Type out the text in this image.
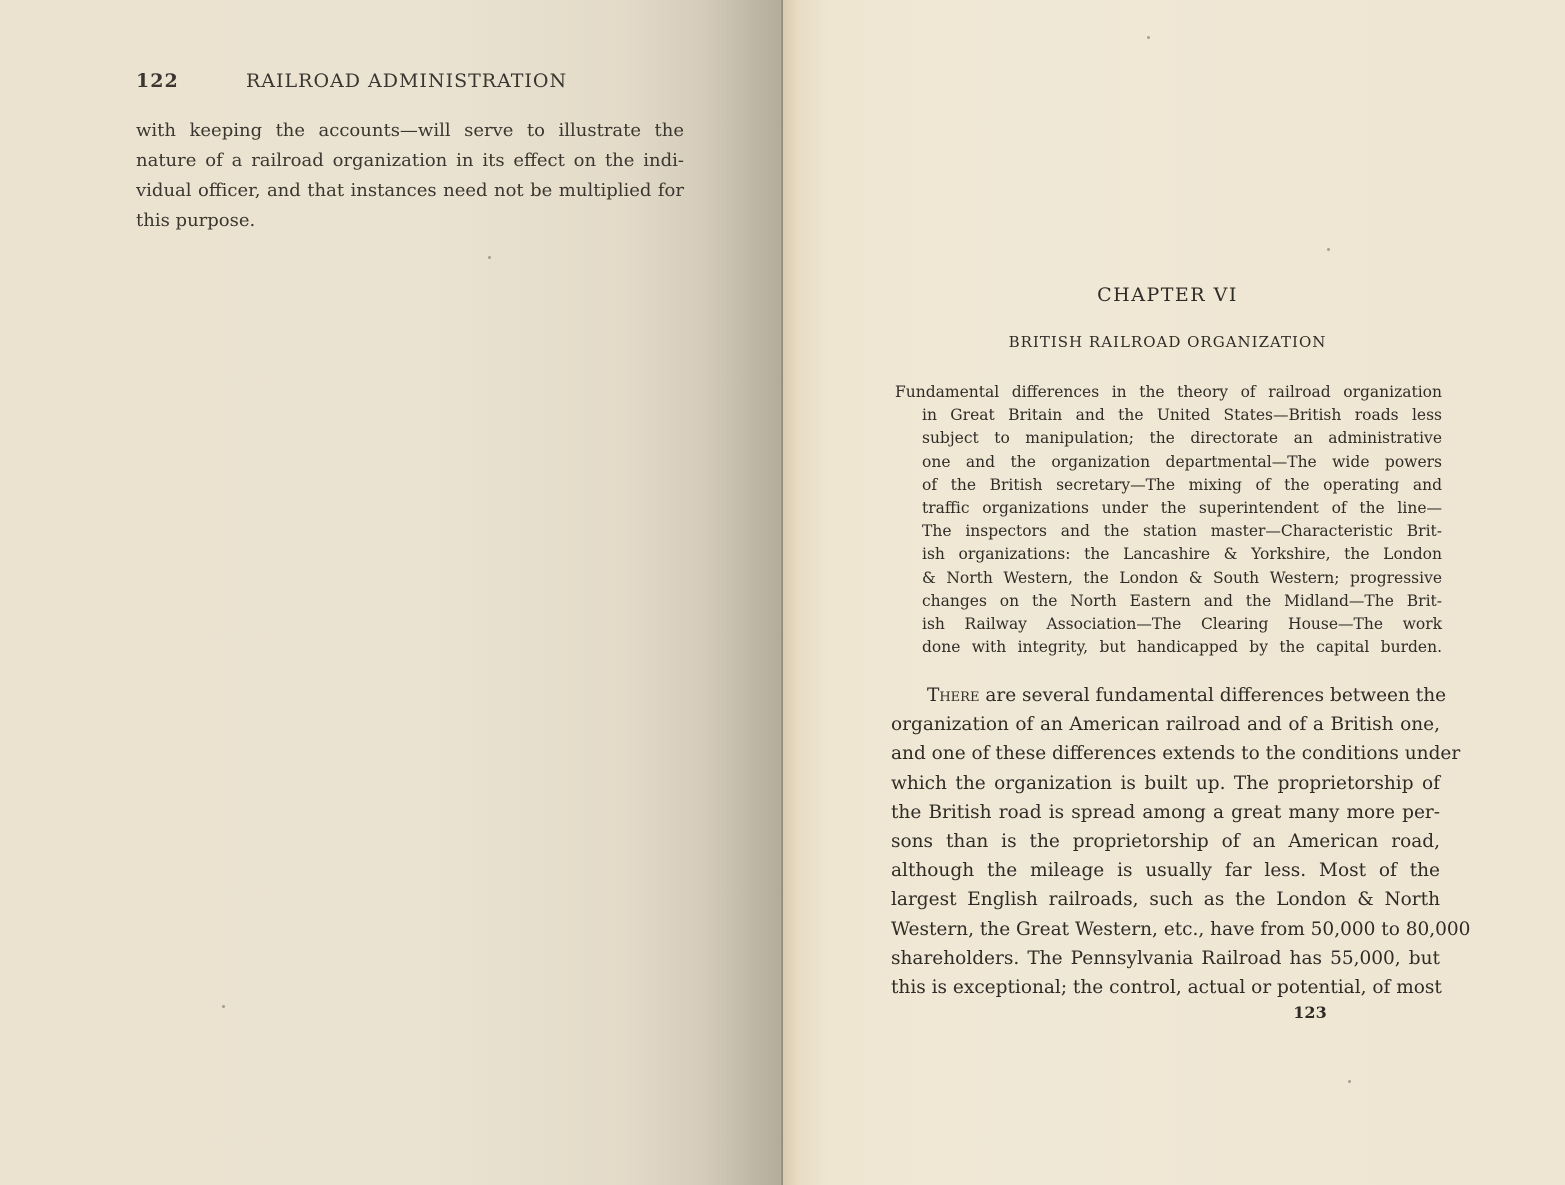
122	RAILROAD ADMINISTRATION
with keeping the accounts—will serve to illustrate the
nature of a railroad organization in its effect on the indi-
vidual officer, and that instances need not be multiplied for
this purpose.
CHAPTER VI
BRITISH RAILROAD ORGANIZATION
Fundamental differences in the theory of railroad organization
in Great Britain and the United States—British roads less
subject to manipulation; the directorate an administrative
one and the organization departmental—The wide powers
of the British secretary—The mixing of the operating and
traffic organizations under the superintendent of the line—
The inspectors and the station master—Characteristic Brit-
ish organizations: the Lancashire & Yorkshire, the London
& North Western, the London & South Western; progressive
changes on the North Eastern and the Midland—The Brit-
ish Railway Association—The Clearing House—The work
done with integrity, but handicapped by the capital burden.
There are several fundamental differences between the
organization of an American railroad and of a British one,
and one of these differences extends to the conditions under
which the organization is built up. The proprietorship of
the British road is spread among a great many more per-
sons than is the proprietorship of an American road,
although the mileage is usually far less. Most of the
largest English railroads, such as the London & North
Western, the Great Western, etc., have from 50,000 to 80,000
shareholders. The Pennsylvania Railroad has 55,000, but
this is exceptional; the control, actual or potential, of most
123
